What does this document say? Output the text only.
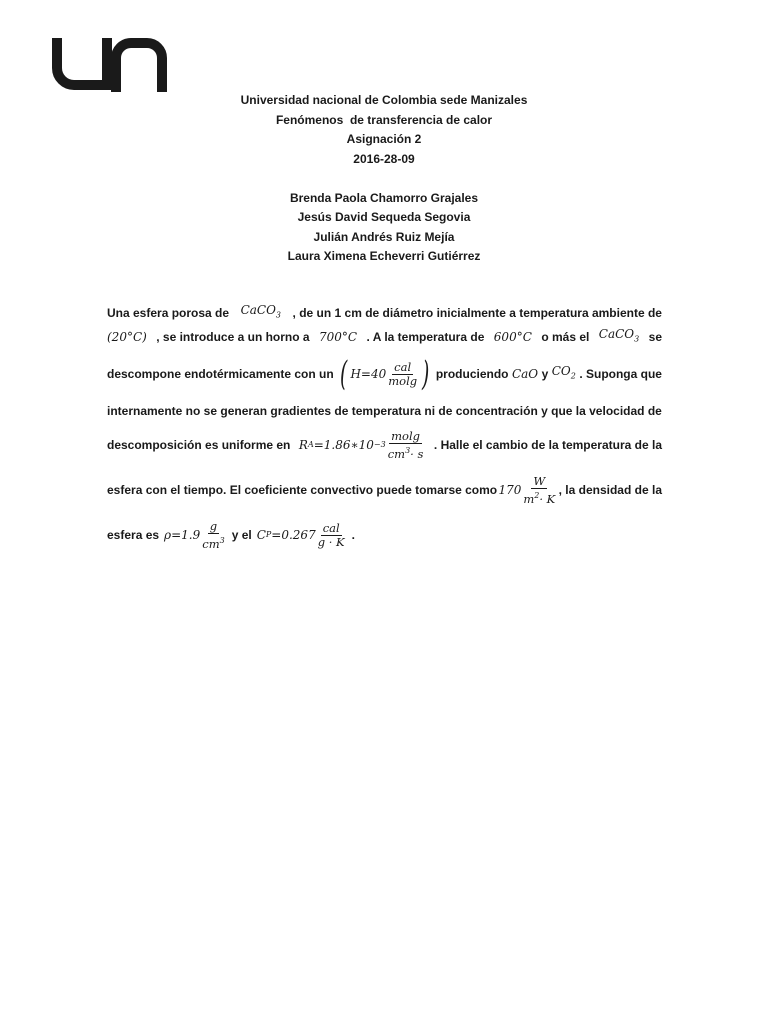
Universidad nacional de Colombia sede Manizales
Fenómenos  de transferencia de calor
Asignación 2
2016-28-09
Brenda Paola Chamorro Grajales
Jesús David Sequeda Segovia
Julián Andrés Ruiz Mejía
Laura Ximena Echeverri Gutiérrez
Una esfera porosa de CaCO$_3$ , de un 1 cm de diámetro inicialmente a temperatura ambiente de
(20°C) , se introduce a un horno a 700°C . A la temperatura de 600°C o más el CaCO$_3$ se
descompone endotérmicamente con un ( $H=40 \frac{\text{cal}}{molg}$ ) produciendo CaO y $CO_2$ . Suponga que
internamente no se generan gradientes de temperatura ni de concentración y que la velocidad de
descomposición es uniforme en R A =1.86∗10 $-3 \frac{molg}{cm^3\cdot s}$ . Halle el cambio de la temperatura de la
esfera con el tiempo. El coeficiente convectivo puede tomarse como $170 \frac{W}{m^2\cdot K}$ , la densidad de la
esfera es $\rho=1.9 \frac{g}{cm^3}$ y el C $P =0.267 \frac{\text{cal}}{g \cdot K}$ .
